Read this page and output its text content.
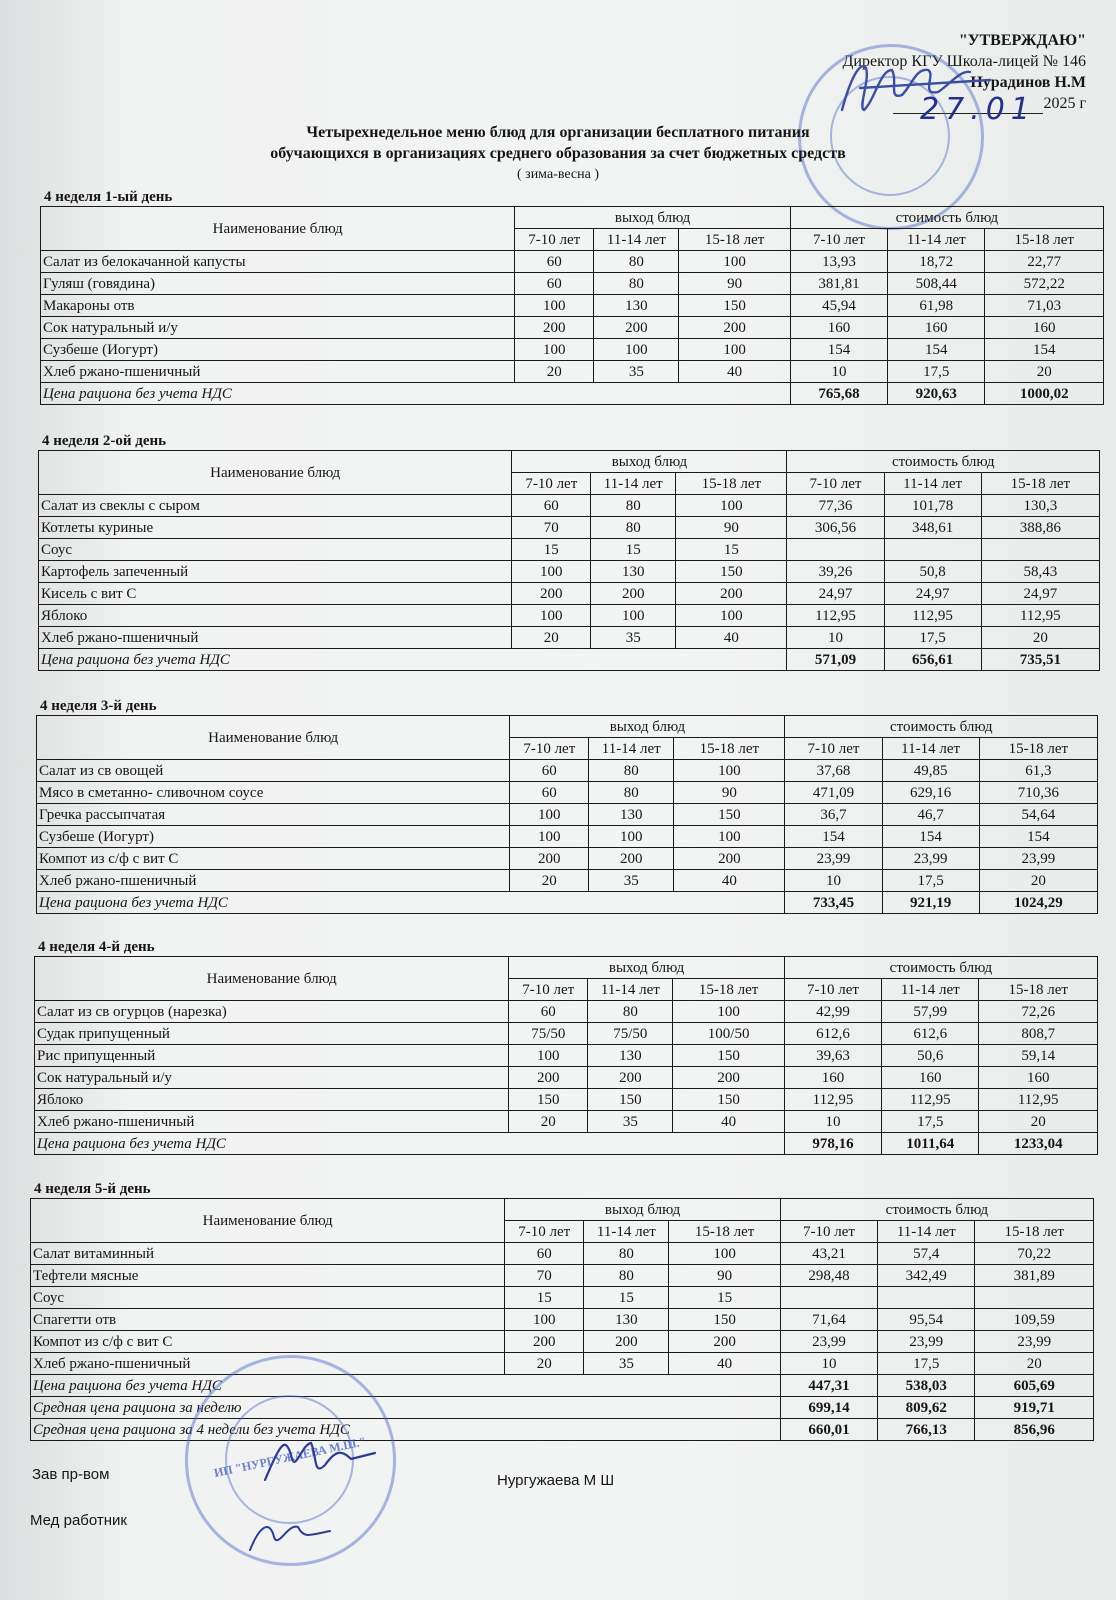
"УТВЕРЖДАЮ"
Директор КГУ Школа-лицей № 146
Нурадинов Н.М
2025 г
27.01
Четырехнедельное меню блюд для организации бесплатного питания
обучающихся в организациях среднего образования за счет бюджетных средств
( зима-весна )
4 неделя 1-ый день
Наименование блюд	выход блюд			стоимость блюд		
	7-10 лет	11-14 лет	15-18 лет	7-10 лет	11-14 лет	15-18 лет
Салат из белокачанной капусты	60	80	100	13,93	18,72	22,77
Гуляш (говядина)	60	80	90	381,81	508,44	572,22
Макароны отв	100	130	150	45,94	61,98	71,03
Сок натуральный и/у	200	200	200	160	160	160
Сузбеше (Иогурт)	100	100	100	154	154	154
Хлеб ржано-пшеничный	20	35	40	10	17,5	20
Цена рациона без учета НДС				765,68	920,63	1000,02
4 неделя 2-ой день
Наименование блюд	выход блюд			стоимость блюд		
	7-10 лет	11-14 лет	15-18 лет	7-10 лет	11-14 лет	15-18 лет
Салат из свеклы с сыром	60	80	100	77,36	101,78	130,3
Котлеты куриные	70	80	90	306,56	348,61	388,86
Соус	15	15	15			
Картофель запеченный	100	130	150	39,26	50,8	58,43
Кисель с вит С	200	200	200	24,97	24,97	24,97
Яблоко	100	100	100	112,95	112,95	112,95
Хлеб ржано-пшеничный	20	35	40	10	17,5	20
Цена рациона без учета НДС				571,09	656,61	735,51
4 неделя 3-й день
Наименование блюд	выход блюд			стоимость блюд		
	7-10 лет	11-14 лет	15-18 лет	7-10 лет	11-14 лет	15-18 лет
Салат из св овощей	60	80	100	37,68	49,85	61,3
Мясо в сметанно- сливочном соусе	60	80	90	471,09	629,16	710,36
Гречка рассыпчатая	100	130	150	36,7	46,7	54,64
Сузбеше (Иогурт)	100	100	100	154	154	154
Компот из с/ф с вит С	200	200	200	23,99	23,99	23,99
Хлеб ржано-пшеничный	20	35	40	10	17,5	20
Цена рациона без учета НДС				733,45	921,19	1024,29
4 неделя 4-й день
Наименование блюд	выход блюд			стоимость блюд		
	7-10 лет	11-14 лет	15-18 лет	7-10 лет	11-14 лет	15-18 лет
Салат из св огурцов (нарезка)	60	80	100	42,99	57,99	72,26
Судак припущенный	75/50	75/50	100/50	612,6	612,6	808,7
Рис припущенный	100	130	150	39,63	50,6	59,14
Сок натуральный и/у	200	200	200	160	160	160
Яблоко	150	150	150	112,95	112,95	112,95
Хлеб ржано-пшеничный	20	35	40	10	17,5	20
Цена рациона без учета НДС				978,16	1011,64	1233,04
4 неделя 5-й день
Наименование блюд	выход блюд			стоимость блюд		
	7-10 лет	11-14 лет	15-18 лет	7-10 лет	11-14 лет	15-18 лет
Салат витаминный	60	80	100	43,21	57,4	70,22
Тефтели мясные	70	80	90	298,48	342,49	381,89
Соус	15	15	15			
Спагетти отв	100	130	150	71,64	95,54	109,59
Компот из с/ф с вит С	200	200	200	23,99	23,99	23,99
Хлеб ржано-пшеничный	20	35	40	10	17,5	20
Цена рациона без учета НДС				447,31	538,03	605,69
Средная цена рациона за неделю				699,14	809,62	919,71
Средная цена рациона за 4 недели без учета НДС				660,01	766,13	856,96
ИП "НУРГУЖАЕВА М.Ш."
Зав пр-вом	Нургужаева М Ш
Мед работник
